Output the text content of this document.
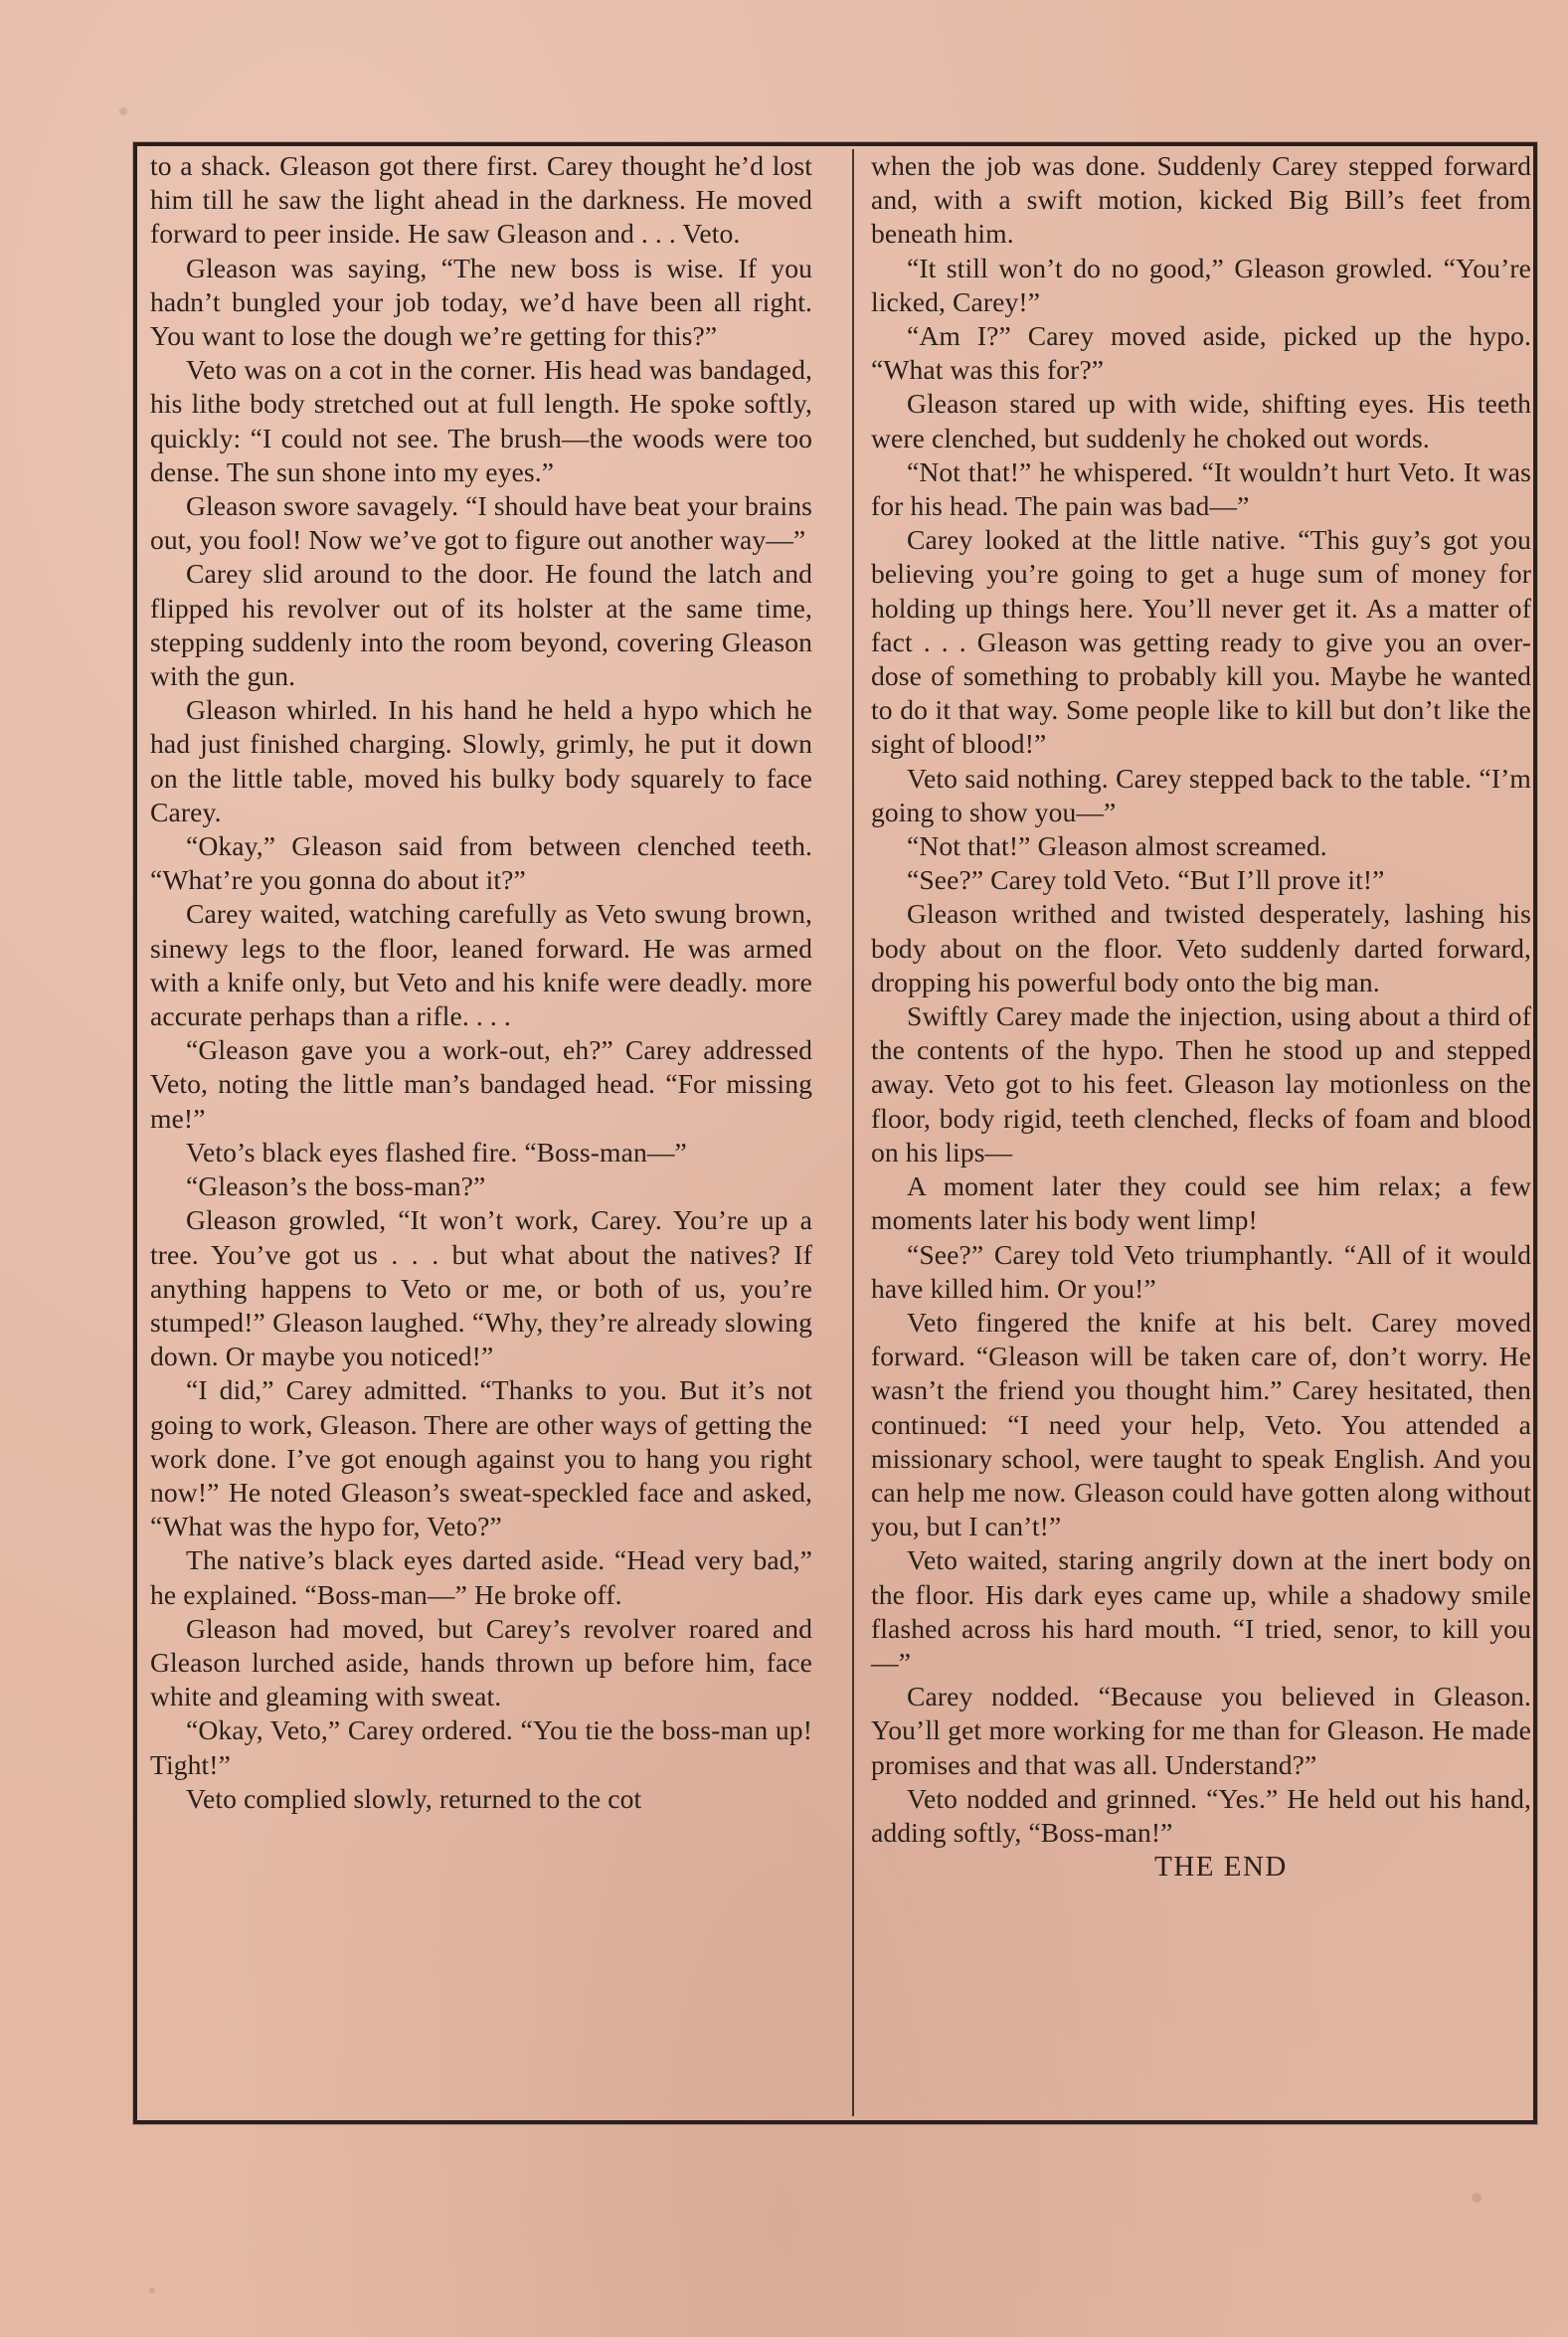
to a shack. Gleason got there first. Carey thought he’d lost him till he saw the light ahead in the darkness. He moved forward to peer inside. He saw Gleason and . . . Veto.

Gleason was saying, “The new boss is wise. If you hadn’t bungled your job today, we’d have been all right. You want to lose the dough we’re getting for this?”

Veto was on a cot in the corner. His head was bandaged, his lithe body stretched out at full length. He spoke softly, quickly: “I could not see. The brush—the woods were too dense. The sun shone into my eyes.”

Gleason swore savagely. “I should have beat your brains out, you fool! Now we’ve got to figure out another way—”

Carey slid around to the door. He found the latch and flipped his revolver out of its holster at the same time, stepping suddenly into the room beyond, covering Gleason with the gun.

Gleason whirled. In his hand he held a hypo which he had just finished charging. Slowly, grimly, he put it down on the little table, moved his bulky body squarely to face Carey.

“Okay,” Gleason said from between clenched teeth. “What’re you gonna do about it?”

Carey waited, watching carefully as Veto swung brown, sinewy legs to the floor, leaned forward. He was armed with a knife only, but Veto and his knife were deadly. more accurate perhaps than a rifle. . . .

“Gleason gave you a work-out, eh?” Carey addressed Veto, noting the little man’s bandaged head. “For missing me!”

Veto’s black eyes flashed fire. “Boss-man—”

“Gleason’s the boss-man?”

Gleason growled, “It won’t work, Carey. You’re up a tree. You’ve got us . . . but what about the natives? If anything happens to Veto or me, or both of us, you’re stumped!” Gleason laughed. “Why, they’re already slowing down. Or maybe you noticed!”

“I did,” Carey admitted. “Thanks to you. But it’s not going to work, Gleason. There are other ways of getting the work done. I’ve got enough against you to hang you right now!” He noted Gleason’s sweat-speckled face and asked, “What was the hypo for, Veto?”

The native’s black eyes darted aside. “Head very bad,” he explained. “Boss-man—” He broke off.

Gleason had moved, but Carey’s revolver roared and Gleason lurched aside, hands thrown up before him, face white and gleaming with sweat.

“Okay, Veto,” Carey ordered. “You tie the boss-man up! Tight!”

Veto complied slowly, returned to the cot

when the job was done. Suddenly Carey stepped forward and, with a swift motion, kicked Big Bill’s feet from beneath him.

“It still won’t do no good,” Gleason growled. “You’re licked, Carey!”

“Am I?” Carey moved aside, picked up the hypo. “What was this for?”

Gleason stared up with wide, shifting eyes. His teeth were clenched, but suddenly he choked out words.

“Not that!” he whispered. “It wouldn’t hurt Veto. It was for his head. The pain was bad—”

Carey looked at the little native. “This guy’s got you believing you’re going to get a huge sum of money for holding up things here. You’ll never get it. As a matter of fact . . . Gleason was getting ready to give you an over-dose of something to probably kill you. Maybe he wanted to do it that way. Some people like to kill but don’t like the sight of blood!”

Veto said nothing. Carey stepped back to the table. “I’m going to show you—”

“Not that!” Gleason almost screamed.

“See?” Carey told Veto. “But I’ll prove it!”

Gleason writhed and twisted desperately, lashing his body about on the floor. Veto suddenly darted forward, dropping his powerful body onto the big man.

Swiftly Carey made the injection, using about a third of the contents of the hypo. Then he stood up and stepped away. Veto got to his feet. Gleason lay motionless on the floor, body rigid, teeth clenched, flecks of foam and blood on his lips—

A moment later they could see him relax; a few moments later his body went limp!

“See?” Carey told Veto triumphantly. “All of it would have killed him. Or you!”

Veto fingered the knife at his belt. Carey moved forward. “Gleason will be taken care of, don’t worry. He wasn’t the friend you thought him.” Carey hesitated, then continued: “I need your help, Veto. You attended a missionary school, were taught to speak English. And you can help me now. Gleason could have gotten along without you, but I can’t!”

Veto waited, staring angrily down at the inert body on the floor. His dark eyes came up, while a shadowy smile flashed across his hard mouth. “I tried, senor, to kill you—”

Carey nodded. “Because you believed in Gleason. You’ll get more working for me than for Gleason. He made promises and that was all. Understand?”

Veto nodded and grinned. “Yes.” He held out his hand, adding softly, “Boss-man!”

THE END
